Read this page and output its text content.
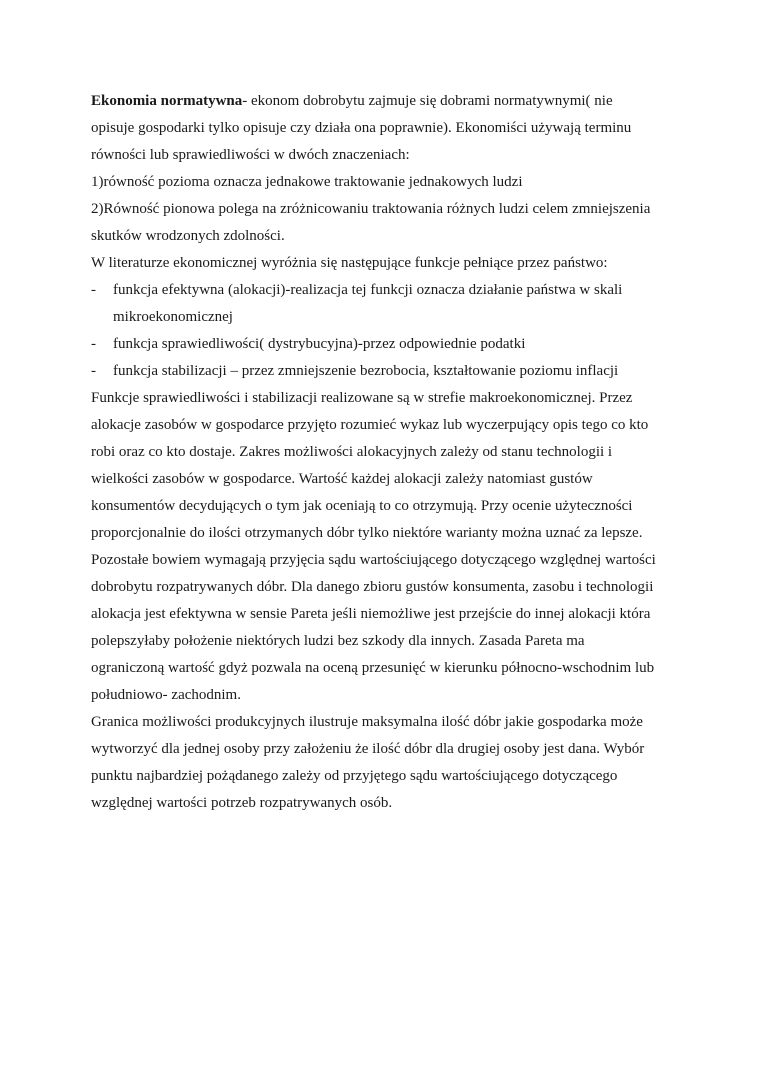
Ekonomia normatywna- ekonom dobrobytu zajmuje się dobrami normatywnymi( nie

opisuje gospodarki tylko opisuje czy działa ona poprawnie). Ekonomiści używają terminu

równości lub sprawiedliwości w dwóch znaczeniach:

1)równość pozioma oznacza jednakowe traktowanie jednakowych ludzi

2)Równość pionowa polega na zróżnicowaniu traktowania różnych ludzi celem zmniejszenia

skutków wrodzonych zdolności.

W literaturze ekonomicznej wyróżnia się następujące funkcje pełniące przez państwo:

- funkcja efektywna (alokacji)-realizacja tej funkcji oznacza działanie państwa w skali
mikroekonomicznej
- funkcja sprawiedliwości( dystrybucyjna)-przez odpowiednie podatki
- funkcja stabilizacji – przez zmniejszenie bezrobocia, kształtowanie poziomu inflacji

Funkcje sprawiedliwości i stabilizacji realizowane są w strefie makroekonomicznej. Przez

alokacje zasobów w gospodarce przyjęto rozumieć wykaz lub wyczerpujący opis tego co kto

robi oraz co kto dostaje. Zakres możliwości alokacyjnych zależy od stanu technologii i

wielkości zasobów w gospodarce. Wartość każdej alokacji zależy natomiast gustów

konsumentów decydujących o tym jak oceniają to co otrzymują. Przy ocenie użyteczności

proporcjonalnie do ilości otrzymanych dóbr tylko niektóre warianty można uznać za lepsze.

Pozostałe bowiem wymagają przyjęcia sądu wartościującego dotyczącego względnej wartości

dobrobytu rozpatrywanych dóbr. Dla danego zbioru gustów konsumenta, zasobu i technologii

alokacja jest efektywna w sensie Pareta jeśli niemożliwe jest przejście do innej alokacji która

polepszyłaby położenie niektórych ludzi bez szkody dla innych. Zasada Pareta ma

ograniczoną wartość gdyż pozwala na oceną przesunięć w kierunku północno-wschodnim lub

południowo- zachodnim.

Granica możliwości produkcyjnych ilustruje maksymalna ilość dóbr jakie gospodarka może

wytworzyć dla jednej osoby przy założeniu że ilość dóbr dla drugiej osoby jest dana. Wybór

punktu najbardziej pożądanego zależy od przyjętego sądu wartościującego dotyczącego

względnej wartości potrzeb rozpatrywanych osób.
